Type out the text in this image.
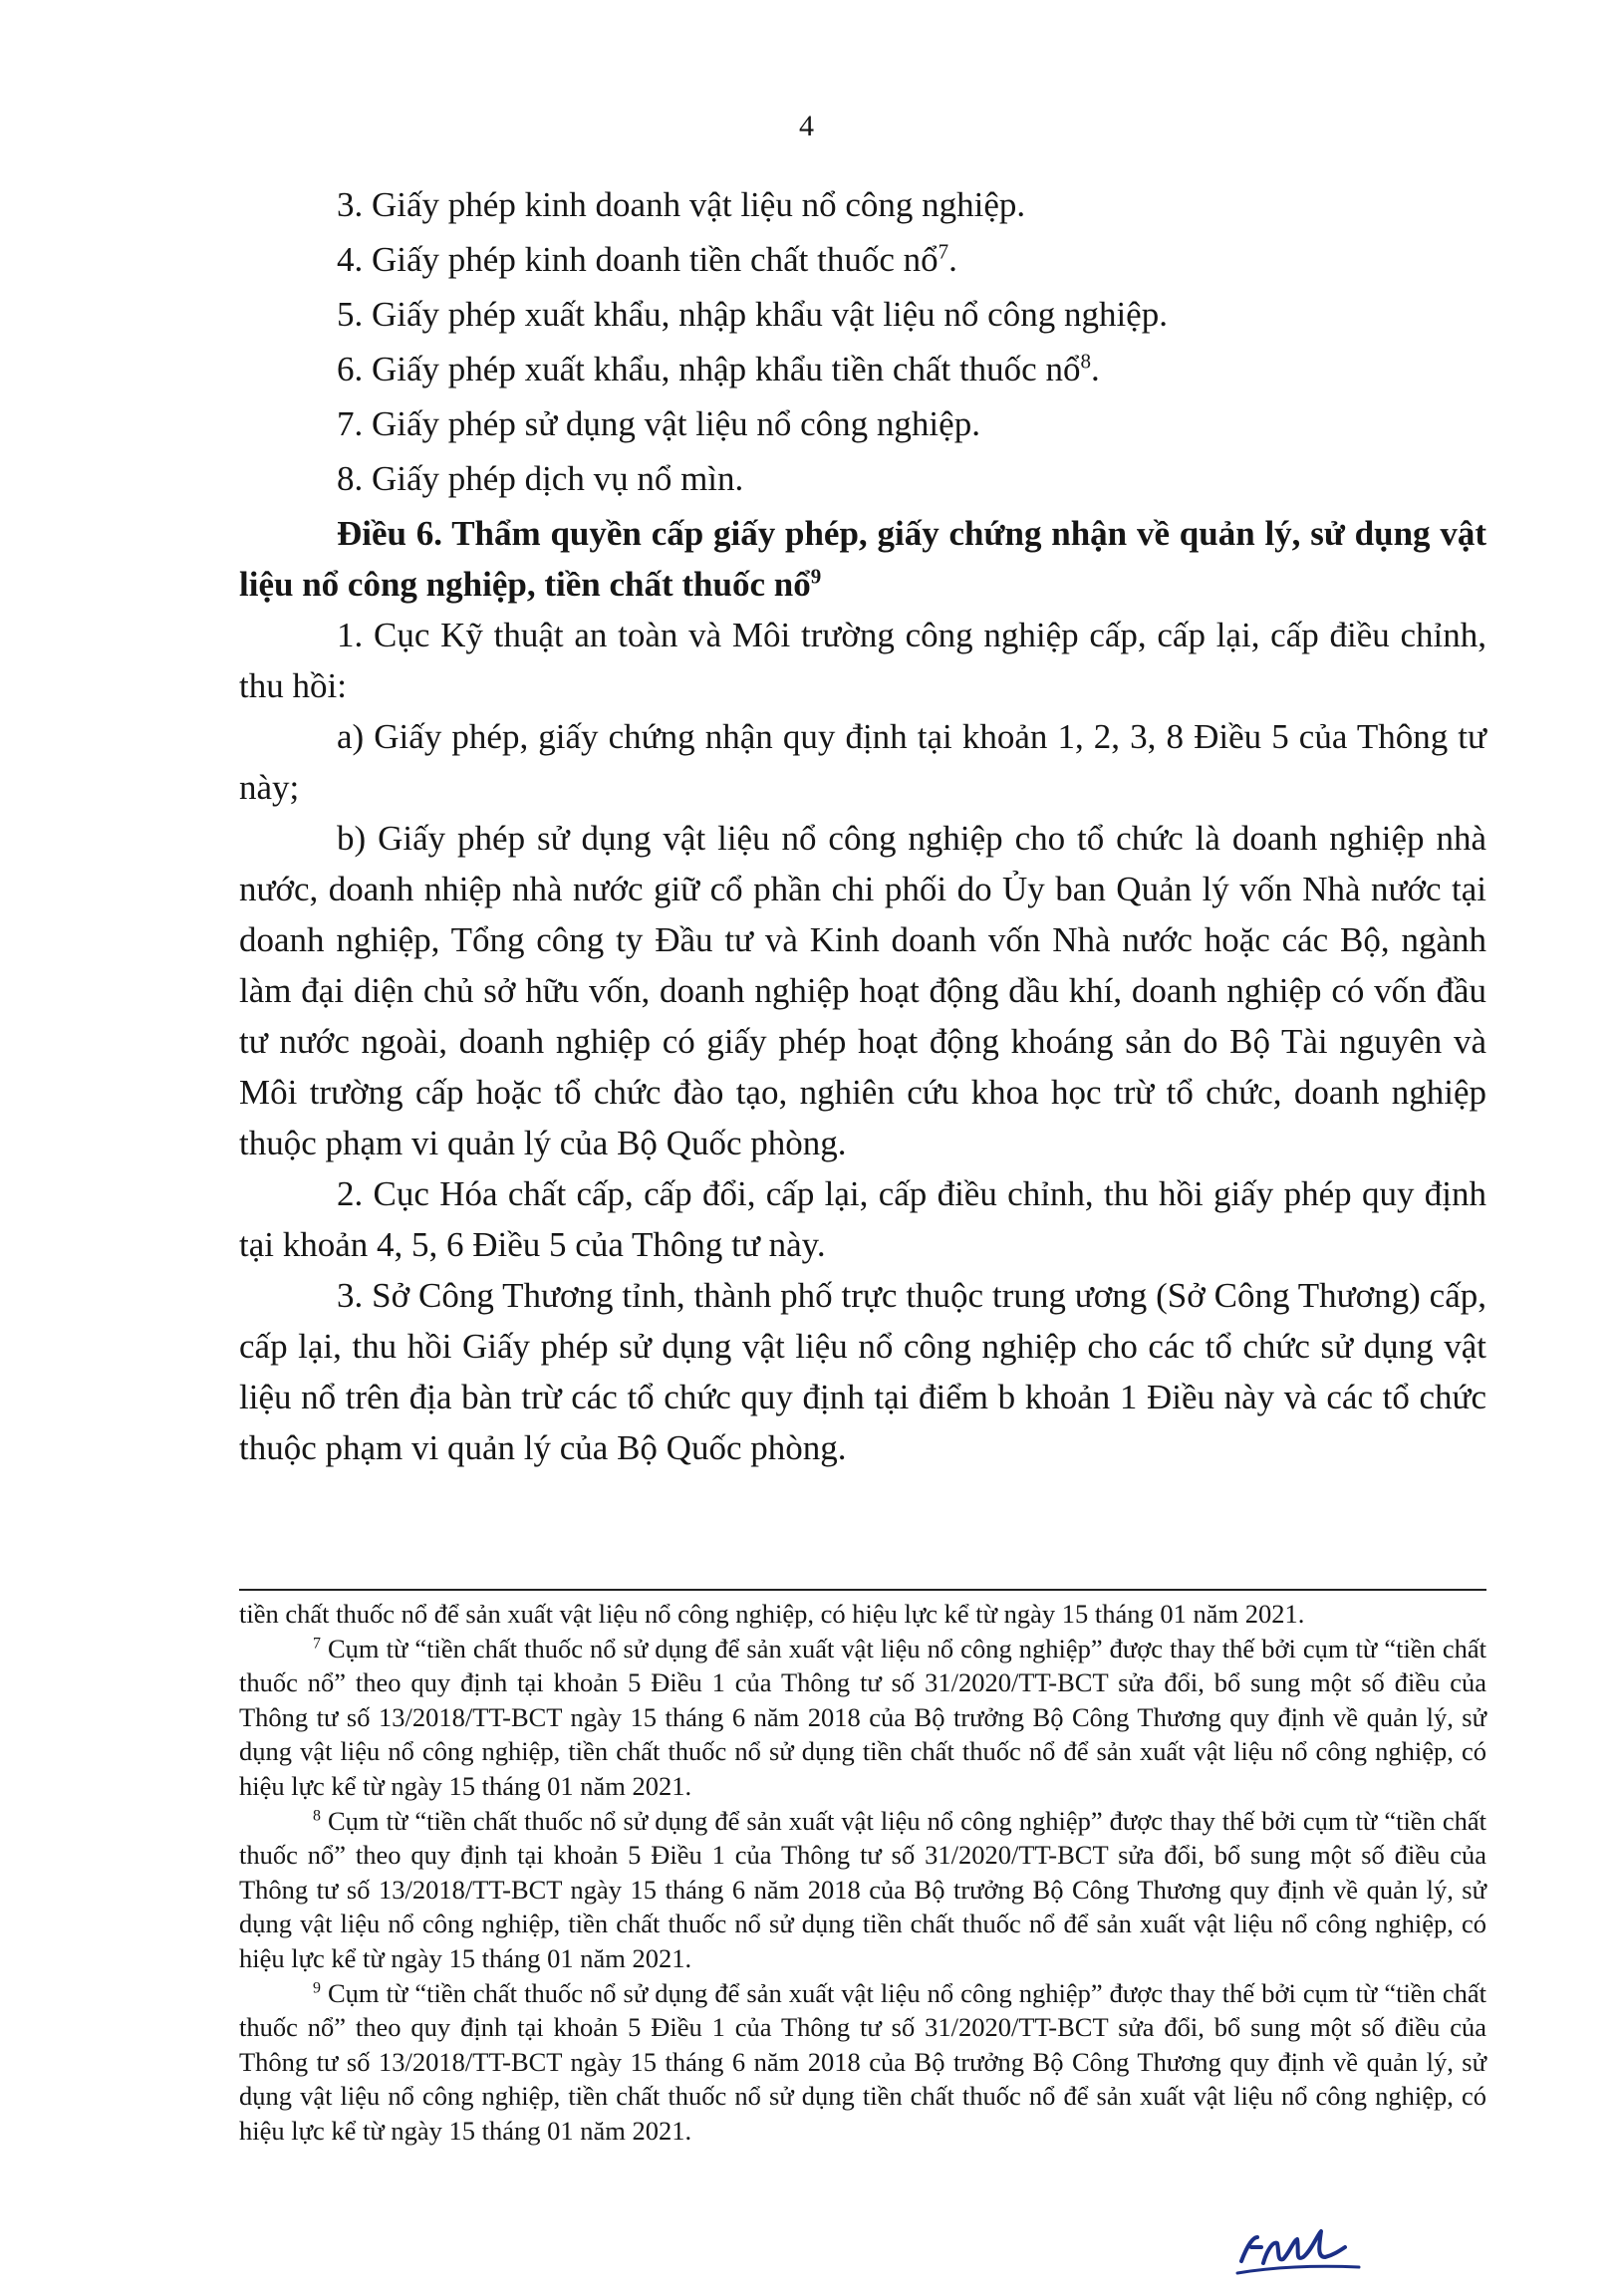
4

3. Giấy phép kinh doanh vật liệu nổ công nghiệp.

4. Giấy phép kinh doanh tiền chất thuốc nổ$^7$.

5. Giấy phép xuất khẩu, nhập khẩu vật liệu nổ công nghiệp.

6. Giấy phép xuất khẩu, nhập khẩu tiền chất thuốc nổ$^8$.

7. Giấy phép sử dụng vật liệu nổ công nghiệp.

8. Giấy phép dịch vụ nổ mìn.

Điều 6. Thẩm quyền cấp giấy phép, giấy chứng nhận về quản lý, sử dụng vật liệu nổ công nghiệp, tiền chất thuốc nổ$^9$

1. Cục Kỹ thuật an toàn và Môi trường công nghiệp cấp, cấp lại, cấp điều chỉnh, thu hồi:

a) Giấy phép, giấy chứng nhận quy định tại khoản 1, 2, 3, 8 Điều 5 của Thông tư này;

b) Giấy phép sử dụng vật liệu nổ công nghiệp cho tổ chức là doanh nghiệp nhà nước, doanh nhiệp nhà nước giữ cổ phần chi phối do Ủy ban Quản lý vốn Nhà nước tại doanh nghiệp, Tổng công ty Đầu tư và Kinh doanh vốn Nhà nước hoặc các Bộ, ngành làm đại diện chủ sở hữu vốn, doanh nghiệp hoạt động dầu khí, doanh nghiệp có vốn đầu tư nước ngoài, doanh nghiệp có giấy phép hoạt động khoáng sản do Bộ Tài nguyên và Môi trường cấp hoặc tổ chức đào tạo, nghiên cứu khoa học trừ tổ chức, doanh nghiệp thuộc phạm vi quản lý của Bộ Quốc phòng.

2. Cục Hóa chất cấp, cấp đổi, cấp lại, cấp điều chỉnh, thu hồi giấy phép quy định tại khoản 4, 5, 6 Điều 5 của Thông tư này.

3. Sở Công Thương tỉnh, thành phố trực thuộc trung ương (Sở Công Thương) cấp, cấp lại, thu hồi Giấy phép sử dụng vật liệu nổ công nghiệp cho các tổ chức sử dụng vật liệu nổ trên địa bàn trừ các tổ chức quy định tại điểm b khoản 1 Điều này và các tổ chức thuộc phạm vi quản lý của Bộ Quốc phòng.

tiền chất thuốc nổ để sản xuất vật liệu nổ công nghiệp, có hiệu lực kể từ ngày 15 tháng 01 năm 2021.

$^7$ Cụm từ “tiền chất thuốc nổ sử dụng để sản xuất vật liệu nổ công nghiệp” được thay thế bởi cụm từ “tiền chất thuốc nổ” theo quy định tại khoản 5 Điều 1 của Thông tư số 31/2020/TT-BCT sửa đổi, bổ sung một số điều của Thông tư số 13/2018/TT-BCT ngày 15 tháng 6 năm 2018 của Bộ trưởng Bộ Công Thương quy định về quản lý, sử dụng vật liệu nổ công nghiệp, tiền chất thuốc nổ sử dụng tiền chất thuốc nổ để sản xuất vật liệu nổ công nghiệp, có hiệu lực kể từ ngày 15 tháng 01 năm 2021.

$^8$ Cụm từ “tiền chất thuốc nổ sử dụng để sản xuất vật liệu nổ công nghiệp” được thay thế bởi cụm từ “tiền chất thuốc nổ” theo quy định tại khoản 5 Điều 1 của Thông tư số 31/2020/TT-BCT sửa đổi, bổ sung một số điều của Thông tư số 13/2018/TT-BCT ngày 15 tháng 6 năm 2018 của Bộ trưởng Bộ Công Thương quy định về quản lý, sử dụng vật liệu nổ công nghiệp, tiền chất thuốc nổ sử dụng tiền chất thuốc nổ để sản xuất vật liệu nổ công nghiệp, có hiệu lực kể từ ngày 15 tháng 01 năm 2021.

$^9$ Cụm từ “tiền chất thuốc nổ sử dụng để sản xuất vật liệu nổ công nghiệp” được thay thế bởi cụm từ “tiền chất thuốc nổ” theo quy định tại khoản 5 Điều 1 của Thông tư số 31/2020/TT-BCT sửa đổi, bổ sung một số điều của Thông tư số 13/2018/TT-BCT ngày 15 tháng 6 năm 2018 của Bộ trưởng Bộ Công Thương quy định về quản lý, sử dụng vật liệu nổ công nghiệp, tiền chất thuốc nổ sử dụng tiền chất thuốc nổ để sản xuất vật liệu nổ công nghiệp, có hiệu lực kể từ ngày 15 tháng 01 năm 2021.
